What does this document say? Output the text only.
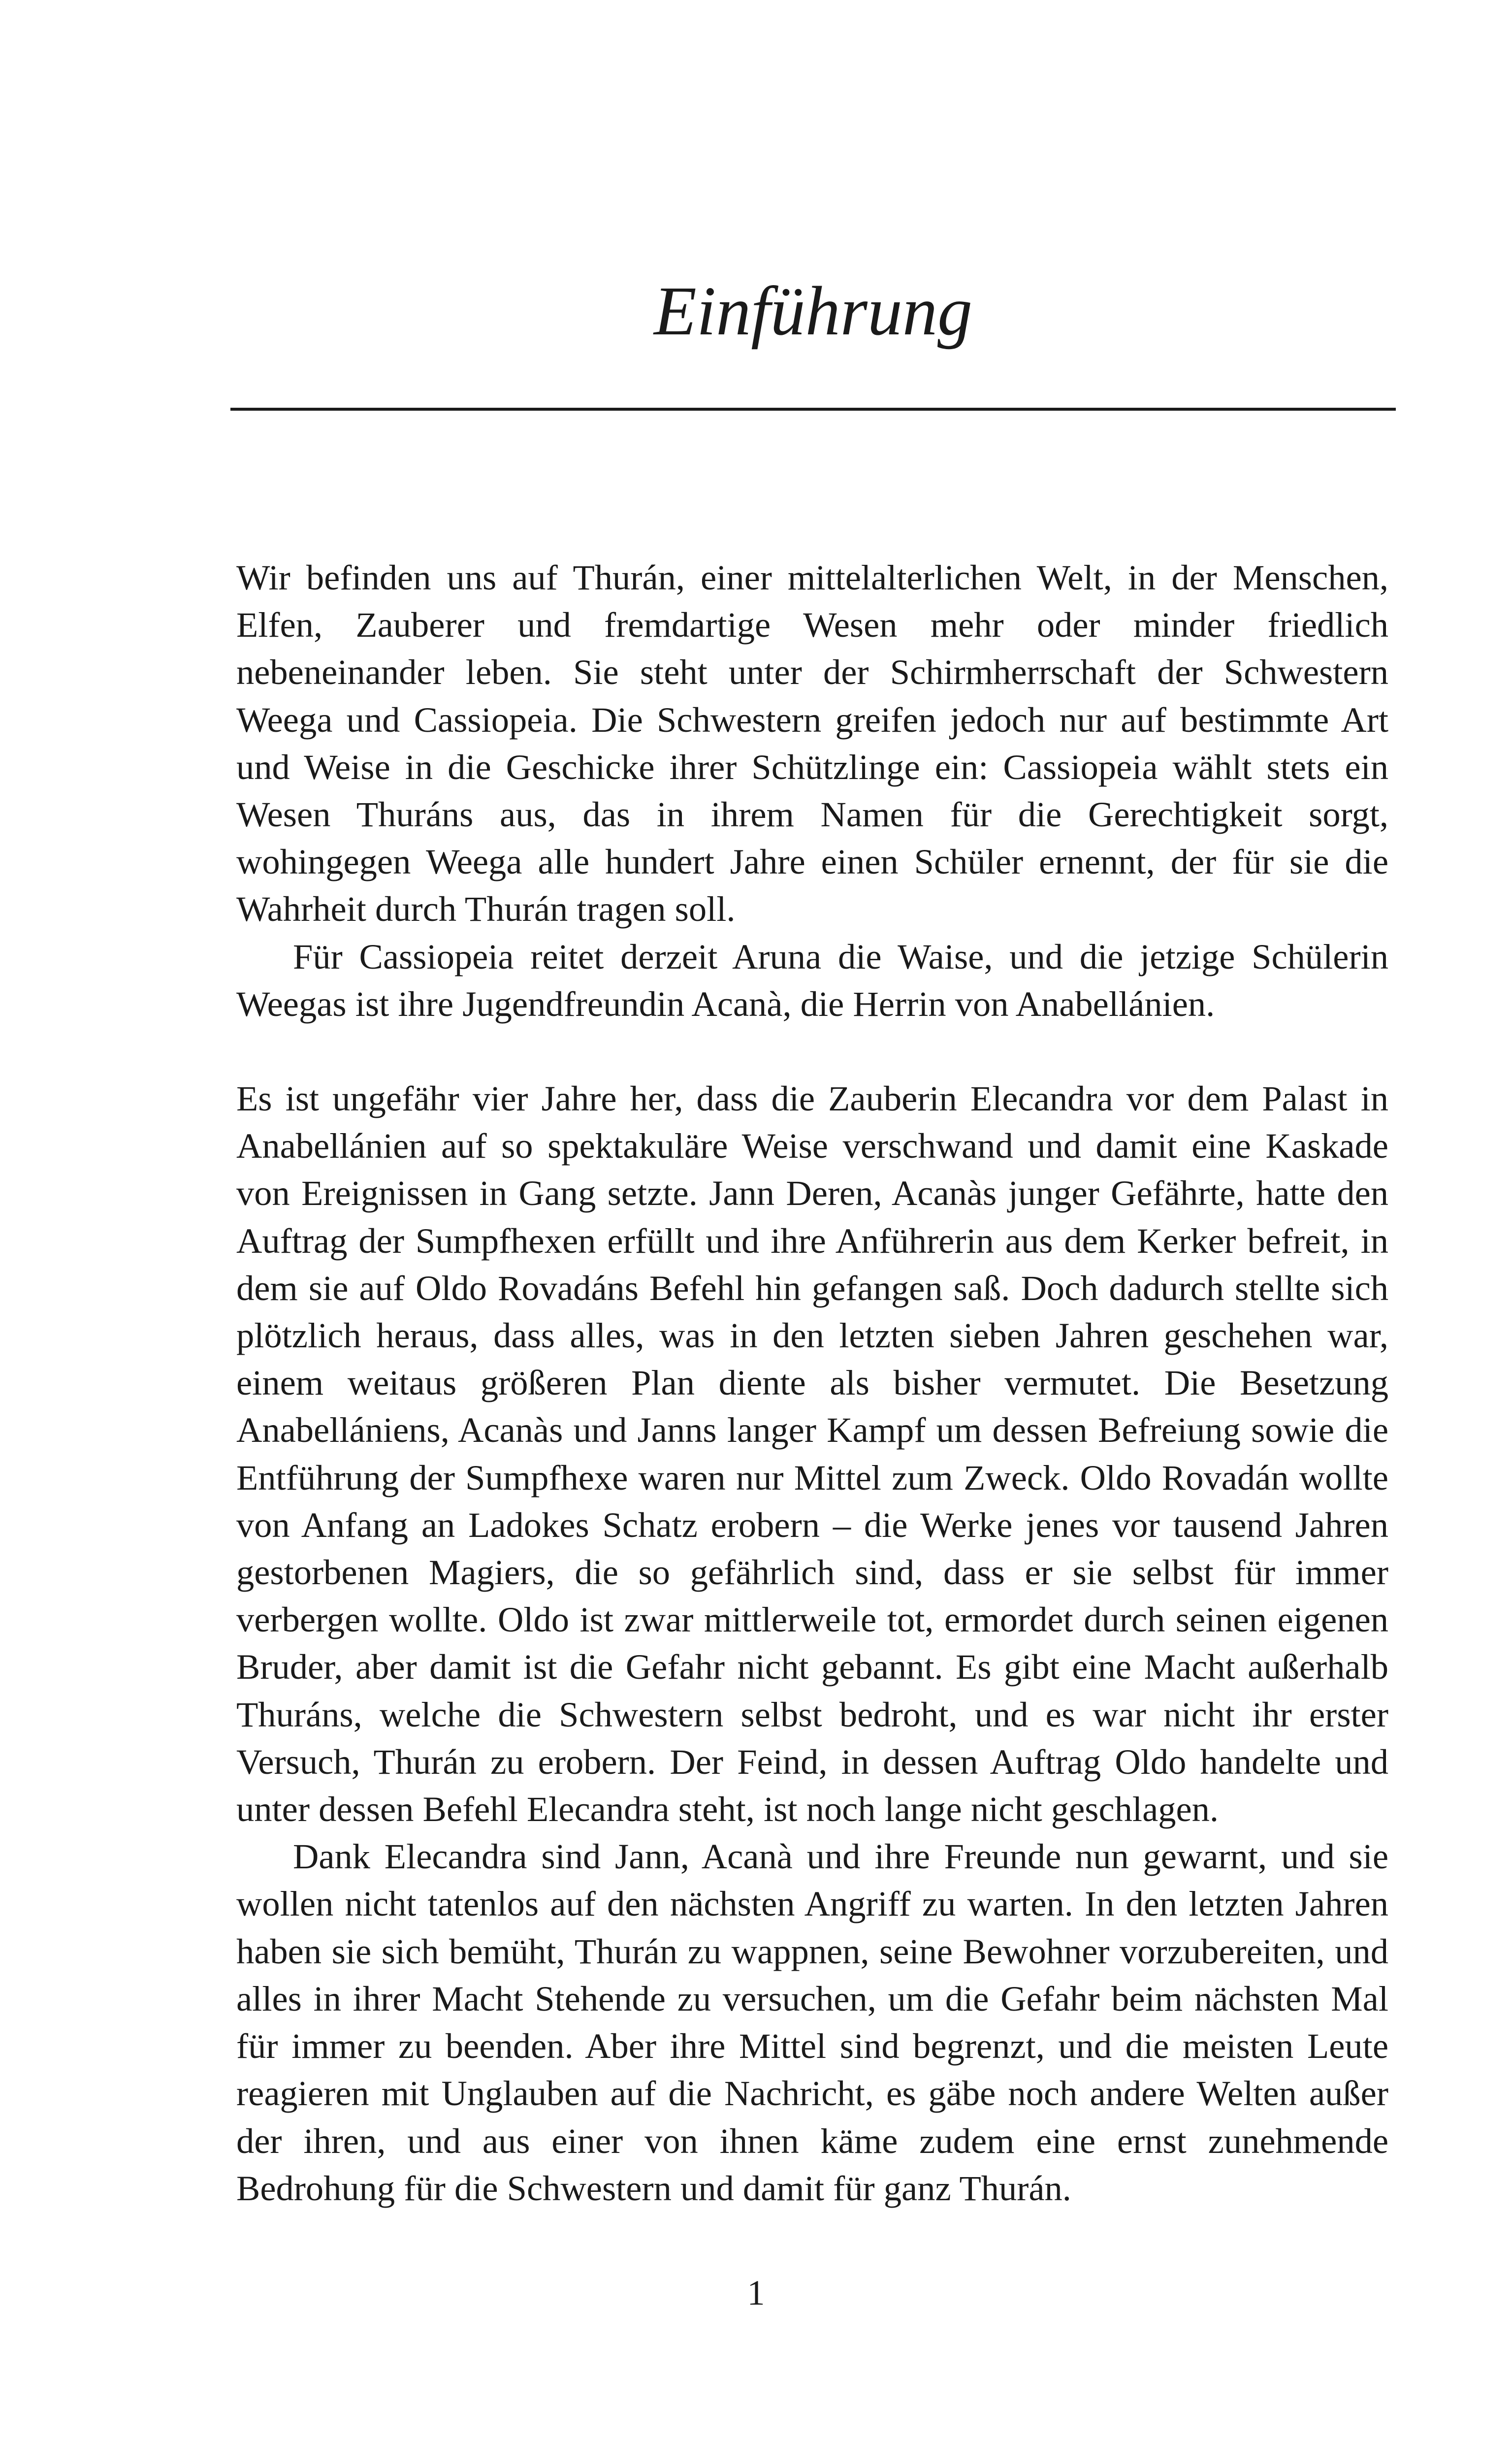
Einführung

Wir befinden uns auf Thurán, einer mittelalterlichen Welt, in der Menschen, Elfen, Zauberer und fremdartige Wesen mehr oder minder friedlich nebeneinander leben. Sie steht unter der Schirmherrschaft der Schwestern Weega und Cassiopeia. Die Schwestern greifen jedoch nur auf bestimmte Art und Weise in die Geschicke ihrer Schützlinge ein: Cassiopeia wählt stets ein Wesen Thuráns aus, das in ihrem Namen für die Gerechtigkeit sorgt, wohingegen Weega alle hundert Jahre einen Schüler ernennt, der für sie die Wahrheit durch Thurán tragen soll.

Für Cassiopeia reitet derzeit Aruna die Waise, und die jetzige Schülerin Weegas ist ihre Jugendfreundin Acanà, die Herrin von Anabellánien.

Es ist ungefähr vier Jahre her, dass die Zauberin Elecandra vor dem Palast in Anabellánien auf so spektakuläre Weise verschwand und damit eine Kaskade von Ereignissen in Gang setzte. Jann Deren, Acanàs junger Gefährte, hatte den Auftrag der Sumpfhexen erfüllt und ihre Anführerin aus dem Kerker befreit, in dem sie auf Oldo Rovadáns Befehl hin gefangen saß. Doch dadurch stellte sich plötzlich heraus, dass alles, was in den letzten sieben Jahren geschehen war, einem weitaus größeren Plan diente als bisher vermutet. Die Besetzung Anabellániens, Acanàs und Janns langer Kampf um dessen Befreiung sowie die Entführung der Sumpfhexe waren nur Mittel zum Zweck. Oldo Rovadán wollte von Anfang an Ladokes Schatz erobern – die Werke jenes vor tausend Jahren gestorbenen Magiers, die so gefährlich sind, dass er sie selbst für immer verbergen wollte. Oldo ist zwar mittlerweile tot, ermordet durch seinen eigenen Bruder, aber damit ist die Gefahr nicht gebannt. Es gibt eine Macht außerhalb Thuráns, welche die Schwestern selbst bedroht, und es war nicht ihr erster Versuch, Thurán zu erobern. Der Feind, in dessen Auftrag Oldo handelte und unter dessen Befehl Elecandra steht, ist noch lange nicht geschlagen.

Dank Elecandra sind Jann, Acanà und ihre Freunde nun gewarnt, und sie wollen nicht tatenlos auf den nächsten Angriff zu warten. In den letzten Jahren haben sie sich bemüht, Thurán zu wappnen, seine Bewohner vorzubereiten, und alles in ihrer Macht Stehende zu versuchen, um die Gefahr beim nächsten Mal für immer zu beenden. Aber ihre Mittel sind begrenzt, und die meisten Leute reagieren mit Unglauben auf die Nachricht, es gäbe noch andere Welten außer der ihren, und aus einer von ihnen käme zudem eine ernst zunehmende Bedrohung für die Schwestern und damit für ganz Thurán.

1
